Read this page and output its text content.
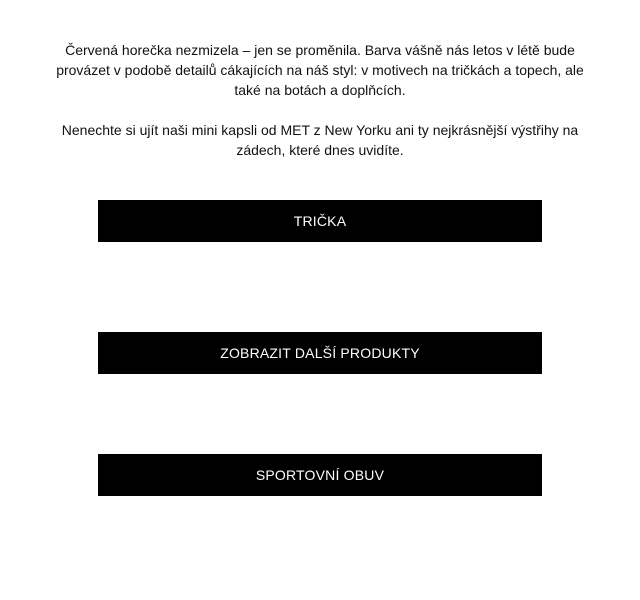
Červená horečka nezmizela – jen se proměnila. Barva vášně nás letos v létě bude provázet v podobě detailů cákajících na náš styl: v motivech na tričkách a topech, ale také na botách a doplňcích.

Nenechte si ujít naši mini kapsli od MET z New Yorku ani ty nejkrásnější výstřihy na zádech, které dnes uvidíte.

TRIČKA
ZOBRAZIT DALŠÍ PRODUKTY
SPORTOVNÍ OBUV
